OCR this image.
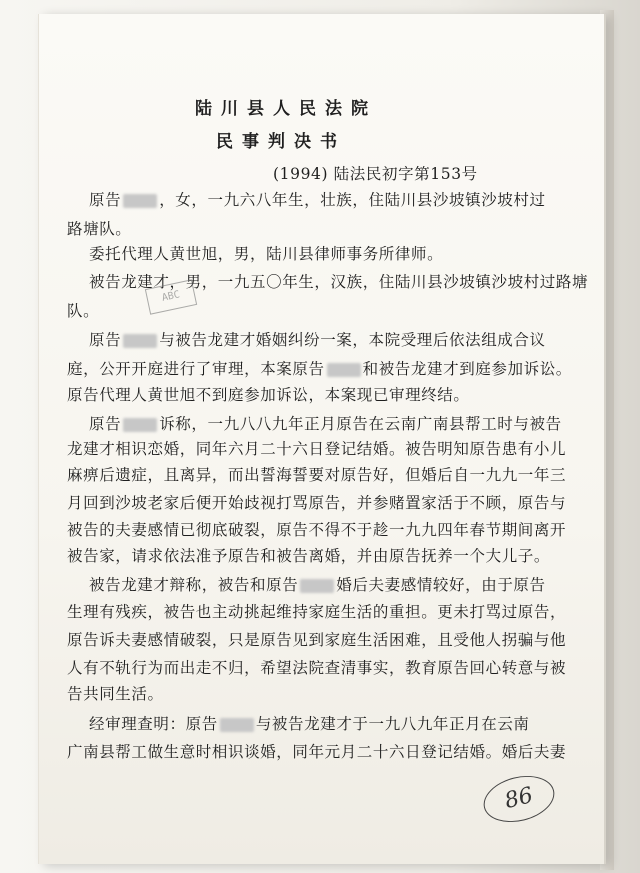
陆川县人民法院
民事判决书
(1994) 陆法民初字第153号
原告 ，女，一九六八年生，壮族，住陆川县沙坡镇沙坡村过
路塘队。
委托代理人黄世旭，男，陆川县律师事务所律师。
被告龙建才，男，一九五〇年生，汉族，住陆川县沙坡镇沙坡村过路塘
队。
原告 与被告龙建才婚姻纠纷一案，本院受理后依法组成合议
庭，公开开庭进行了审理，本案原告 和被告龙建才到庭参加诉讼。
原告代理人黄世旭不到庭参加诉讼，本案现已审理终结。
原告 诉称，一九八八九年正月原告在云南广南县帮工时与被告
龙建才相识恋婚，同年六月二十六日登记结婚。被告明知原告患有小儿
麻痹后遗症，且离异，而出誓海誓要对原告好，但婚后自一九九一年三
月回到沙坡老家后便开始歧视打骂原告，并参赌置家活于不顾，原告与
被告的夫妻感情已彻底破裂，原告不得不于趁一九九四年春节期间离开
被告家，请求依法准予原告和被告离婚，并由原告抚养一个大儿子。
被告龙建才辩称，被告和原告 婚后夫妻感情较好，由于原告
生理有残疾，被告也主动挑起维持家庭生活的重担。更未打骂过原告，
原告诉夫妻感情破裂，只是原告见到家庭生活困难，且受他人拐骗与他
人有不轨行为而出走不归，希望法院查清事实，教育原告回心转意与被
告共同生活。
经审理查明：原告 与被告龙建才于一九八九年正月在云南
广南县帮工做生意时相识谈婚，同年元月二十六日登记结婚。婚后夫妻
ABC
86
